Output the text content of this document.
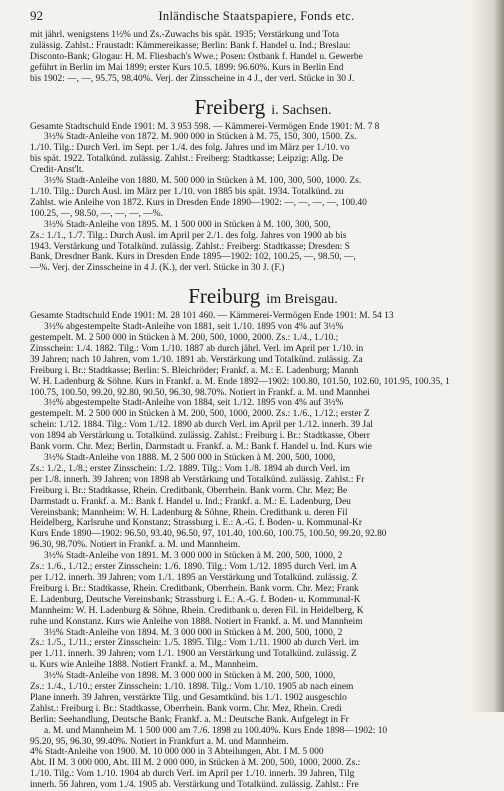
92	Inländische Staatspapiere, Fonds etc.

mit jährl. wenigstens 1½% und Zs.-Zuwachs bis spät. 1935; Verstärkung und Tota

zulässig. Zahlst.: Fraustadt: Kämmereikasse; Berlin: Bank f. Handel u. Ind.; Breslau:

Disconto-Bank; Glogau: H. M. Fliesbach's Wwe.; Posen: Ostbank f. Handel u. Gewerbe

geführt in Berlin im Mai 1899; erster Kurs 10.5. 1899: 96.60%. Kurs in Berlin End

bis 1902: —, —, 95.75, 98.40%. Verj. der Zinsscheine in 4 J., der verl. Stücke in 30 J.

Freiberg i. Sachsen.

Gesamte Stadtschuld Ende 1901: M. 3 953 598. — Kämmerei-Vermögen Ende 1901: M. 7 8

3½% Stadt-Anleihe von 1872. M. 900 000 in Stücken à M. 75, 150, 300, 1500. Zs.

1./10. Tilg.: Durch Verl. im Sept. per 1./4. des folg. Jahres und im März per 1./10. vo

bis spät. 1922. Totalkünd. zulässig. Zahlst.: Freiberg: Stadtkasse; Leipzig: Allg. De

Credit-Anst'lt.

3½% Stadt-Anleihe von 1880. M. 500 000 in Stücken à M. 100, 300, 500, 1000. Zs.

1./10. Tilg.: Durch Ausl. im März per 1./10. von 1885 bis spät. 1934. Totalkünd. zu

Zahlst. wie Anleihe von 1872. Kurs in Dresden Ende 1890—1902: —, —, —, —, 100.40

100.25, —, 98.50, —, —, —, —%.

3½% Stadt-Anleihe von 1895. M. 1 500 000 in Stücken à M. 100, 300, 500,

Zs.: 1./1., 1./7. Tilg.: Durch Ausl. im April per 2./1. des folg. Jahres von 1900 ab bis

1943. Verstärkung und Totalkünd. zulässig. Zahlst.: Freiberg: Stadtkasse; Dresden: S

Bank, Dresdner Bank. Kurs in Dresden Ende 1895—1902: 102, 100.25, —, 98.50, —,

—%. Verj. der Zinsscheine in 4 J. (K.), der verl. Stücke in 30 J. (F.)

Freiburg im Breisgau.

Gesamte Stadtschuld Ende 1901: M. 28 101 460. — Kämmerei-Vermögen Ende 1901: M. 54 13

3½% abgestempelte Stadt-Anleihe von 1881, seit 1./10. 1895 von 4% auf 3½%

gestempelt. M. 2 500 000 in Stücken à M. 200, 500, 1000, 2000. Zs.: 1./4., 1./10.;

Zinsschein: 1./4. 1882. Tilg.: Vom 1./10. 1887 ab durch jährl. Verl. im April per 1./10. in

39 Jahren; nach 10 Jahren, vom 1./10. 1891 ab. Verstärkung und Totalkünd. zulässig. Za

Freiburg i. Br.: Stadtkasse; Berlin: S. Bleichröder; Frankf. a. M.: E. Ladenburg; Mannh

W. H. Ladenburg & Söhne. Kurs in Frankf. a. M. Ende 1892—1902: 100.80, 101.50, 102.60, 101.95, 100.35, 1

100.75, 100.50, 99.20, 92.80, 90.50, 96.30, 98.70%. Notiert in Frankf. a. M. und Mannhei

3½% abgestempelte Stadt-Anleihe von 1884, seit 1./12. 1895 von 4% auf 3½%

gestempelt. M. 2 500 000 in Stücken à M. 200, 500, 1000, 2000. Zs.: 1./6., 1./12.; erster Z

schein: 1./12. 1884. Tilg.: Vom 1./12. 1890 ab durch Verl. im April per 1./12. innerh. 39 Jal

von 1894 ab Verstärkung u. Totalkünd. zulässig. Zahlst.: Freiburg i. Br.: Stadtkasse, Oberr

Bank vorm. Chr. Mez; Berlin, Darmstadt u. Frankf. a. M.: Bank f. Handel u. Ind. Kurs wie

3½% Stadt-Anleihe von 1888. M. 2 500 000 in Stücken à M. 200, 500, 1000,

Zs.: 1./2., 1./8.; erster Zinsschein: 1./2. 1889. Tilg.: Vom 1./8. 1894 ab durch Verl. im

per 1./8. innerh. 39 Jahren; von 1898 ab Verstärkung und Totalkünd. zulässig. Zahlst.: Fr

Freiburg i. Br.: Stadtkasse, Rhein. Creditbank, Oberrhein. Bank vorm. Chr. Mez; Be

Darmstadt u. Frankf. a. M.: Bank f. Handel u. Ind.; Frankf. a. M.: E. Ladenburg, Deu

Vereinsbank; Mannheim: W. H. Ladenburg & Söhne, Rhein. Creditbank u. deren Fil

Heidelberg, Karlsruhe und Konstanz; Strassburg i. E.: A.-G. f. Boden- u. Kommunal-Kr

Kurs Ende 1890—1902: 96.50, 93.40, 96.50, 97, 101.40, 100.60, 100.75, 100.50, 99.20, 92.80

96.30, 98.70%. Notiert in Frankf. a. M. und Mannheim.

3½% Stadt-Anleihe von 1891. M. 3 000 000 in Stücken à M. 200, 500, 1000, 2

Zs.: 1./6., 1./12.; erster Zinsschein: 1./6. 1890. Tilg.: Vom 1./12. 1895 durch Verl. im A

per 1./12. innerh. 39 Jahren; vom 1./1. 1895 an Verstärkung und Totalkünd. zulässig. Z

Freiburg i. Br.: Stadtkasse, Rhein. Creditbank, Oberrhein. Bank vorm. Chr. Mez; Frank

E. Ladenburg, Deutsche Vereinsbank; Strassburg i. E.: A.-G. f. Boden- u. Kommunal-K

Mannheim: W. H. Ladenburg & Söhne, Rhein. Creditbank u. deren Fil. in Heidelberg, K

ruhe und Konstanz. Kurs wie Anleihe von 1888. Notiert in Frankf. a. M. und Mannheim

3½% Stadt-Anleihe von 1894. M. 3 000 000 in Stücken à M. 200, 500, 1000, 2

Zs.: 1./5., 1./11.; erster Zinsschein: 1./5. 1895. Tilg.: Vom 1./11. 1900 ab durch Verl. im

per 1./11. innerh. 39 Jahren; vom 1./1. 1900 an Verstärkung und Totalkünd. zulässig. Z

u. Kurs wie Anleihe 1888. Notiert Frankf. a. M., Mannheim.

3½% Stadt-Anleihe von 1898. M. 3 000 000 in Stücken à M. 200, 500, 1000,

Zs.: 1./4., 1./10.; erster Zinsschein: 1./10. 1898. Tilg.: Vom 1./10. 1905 ab nach einem

Plane innerh. 39 Jahren, verstärkte Tilg. und Gesamtkünd. bis 1./1. 1902 ausgeschlo

Zahlst.: Freiburg i. Br.: Stadtkasse, Oberrhein. Bank vorm. Chr. Mez, Rhein. Credi

Berlin: Seehandlung, Deutsche Bank; Frankf. a. M.: Deutsche Bank. Aufgelegt in Fr

a. M. und Mannheim M. 1 500 000 am 7./6. 1898 zu 100.40%. Kurs Ende 1898—1902: 10

95.20, 95, 96.30, 99.40%. Notiert in Frankfurt a. M. und Mannheim.

4% Stadt-Anleihe von 1900. M. 10 000 000 in 3 Abteilungen, Abt. I M. 5 000

Abt. II M. 3 000 000, Abt. III M. 2 000 000, in Stücken à M. 200, 500, 1000, 2000. Zs.:

1./10. Tilg.: Vom 1./10. 1904 ab durch Verl. im April per 1./10. innerh. 39 Jahren, Tilg

innerh. 56 Jahren, vom 1./4. 1905 ab. Verstärkung und Totalkünd. zulässig. Zahlst.: Fre
